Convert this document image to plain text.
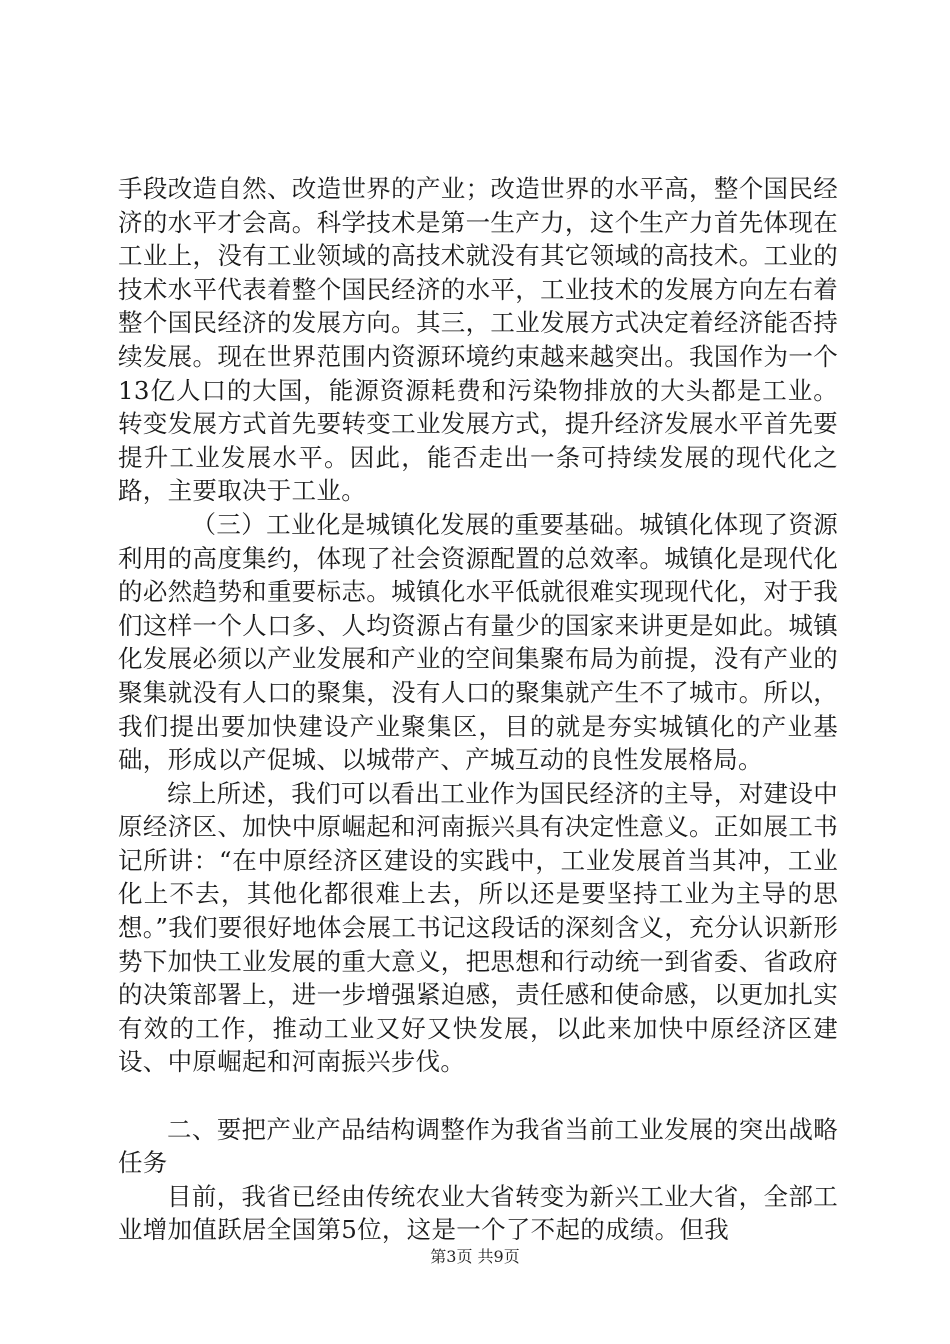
手段改造自然、改造世界的产业；改造世界的水平高，整个国民经济的水平才会高。科学技术是第一生产力，这个生产力首先体现在工业上，没有工业领域的高技术就没有其它领域的高技术。工业的技术水平代表着整个国民经济的水平，工业技术的发展方向左右着整个国民经济的发展方向。其三，工业发展方式决定着经济能否持续发展。现在世界范围内资源环境约束越来越突出。我国作为一个13亿人口的大国，能源资源耗费和污染物排放的大头都是工业。转变发展方式首先要转变工业发展方式，提升经济发展水平首先要提升工业发展水平。因此，能否走出一条可持续发展的现代化之路，主要取决于工业。

（三）工业化是城镇化发展的重要基础。城镇化体现了资源利用的高度集约，体现了社会资源配置的总效率。城镇化是现代化的必然趋势和重要标志。城镇化水平低就很难实现现代化，对于我们这样一个人口多、人均资源占有量少的国家来讲更是如此。城镇化发展必须以产业发展和产业的空间集聚布局为前提，没有产业的聚集就没有人口的聚集，没有人口的聚集就产生不了城市。所以，我们提出要加快建设产业聚集区，目的就是夯实城镇化的产业基础，形成以产促城、以城带产、产城互动的良性发展格局。

综上所述，我们可以看出工业作为国民经济的主导，对建设中原经济区、加快中原崛起和河南振兴具有决定性意义。正如展工书记所讲：“在中原经济区建设的实践中，工业发展首当其冲，工业化上不去，其他化都很难上去，所以还是要坚持工业为主导的思想。”我们要很好地体会展工书记这段话的深刻含义，充分认识新形势下加快工业发展的重大意义，把思想和行动统一到省委、省政府的决策部署上，进一步增强紧迫感，责任感和使命感，以更加扎实有效的工作，推动工业又好又快发展，以此来加快中原经济区建设、中原崛起和河南振兴步伐。

二、要把产业产品结构调整作为我省当前工业发展的突出战略任务

目前，我省已经由传统农业大省转变为新兴工业大省，全部工业增加值跃居全国第5位，这是一个了不起的成绩。但我

第3页 共9页
